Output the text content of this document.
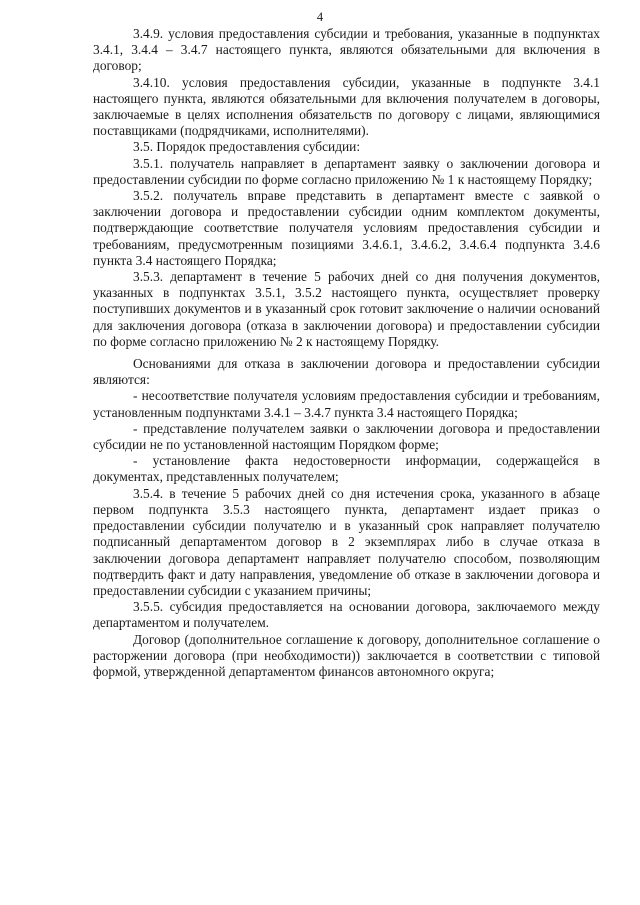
4

3.4.9. условия предоставления субсидии и требования, указанные в подпунктах 3.4.1, 3.4.4 – 3.4.7 настоящего пункта, являются обязательными для включения в договор;

3.4.10. условия предоставления субсидии, указанные в подпункте 3.4.1 настоящего пункта, являются обязательными для включения получателем в договоры, заключаемые в целях исполнения обязательств по договору с лицами, являющимися поставщиками (подрядчиками, исполнителями).

3.5. Порядок предоставления субсидии:

3.5.1. получатель направляет в департамент заявку о заключении договора и предоставлении субсидии по форме согласно приложению № 1 к настоящему Порядку;

3.5.2. получатель вправе представить в департамент вместе с заявкой о заключении договора и предоставлении субсидии одним комплектом документы, подтверждающие соответствие получателя условиям предоставления субсидии и требованиям, предусмотренным позициями 3.4.6.1, 3.4.6.2, 3.4.6.4 подпункта 3.4.6 пункта 3.4 настоящего Порядка;

3.5.3. департамент в течение 5 рабочих дней со дня получения документов, указанных в подпунктах 3.5.1, 3.5.2 настоящего пункта, осуществляет проверку поступивших документов и в указанный срок готовит заключение о наличии оснований для заключения договора (отказа в заключении договора) и предоставлении субсидии по форме согласно приложению № 2 к настоящему Порядку.

Основаниями для отказа в заключении договора и предоставлении субсидии являются:

- несоответствие получателя условиям предоставления субсидии и требованиям, установленным подпунктами 3.4.1 – 3.4.7 пункта 3.4 настоящего Порядка;

- представление получателем заявки о заключении договора и предоставлении субсидии не по установленной настоящим Порядком форме;

- установление факта недостоверности информации, содержащейся в документах, представленных получателем;

3.5.4. в течение 5 рабочих дней со дня истечения срока, указанного в абзаце первом подпункта 3.5.3 настоящего пункта, департамент издает приказ о предоставлении субсидии получателю и в указанный срок направляет получателю подписанный департаментом договор в 2 экземплярах либо в случае отказа в заключении договора департамент направляет получателю способом, позволяющим подтвердить факт и дату направления, уведомление об отказе в заключении договора и предоставлении субсидии с указанием причины;

3.5.5. субсидия предоставляется на основании договора, заключаемого между департаментом и получателем.

Договор (дополнительное соглашение к договору, дополнительное соглашение о расторжении договора (при необходимости)) заключается в соответствии с типовой формой, утвержденной департаментом финансов автономного округа;
